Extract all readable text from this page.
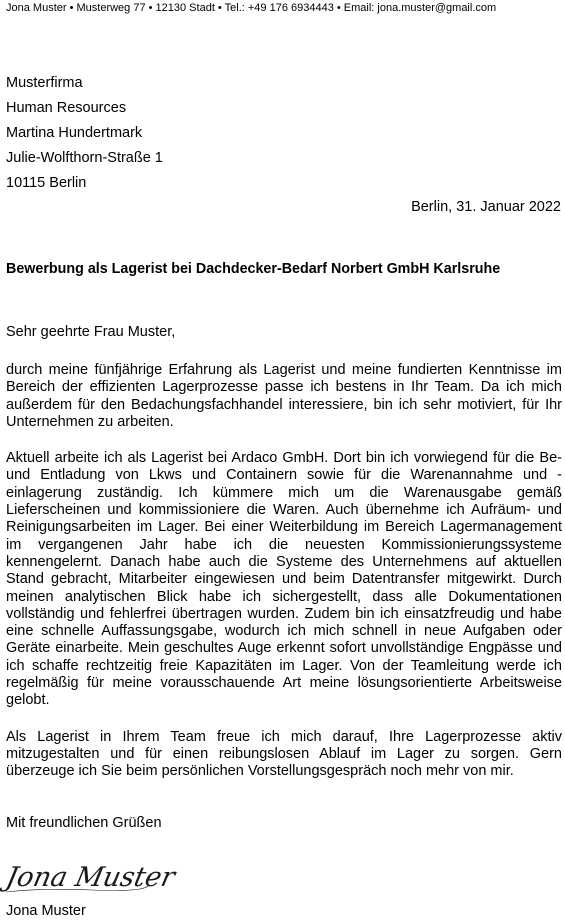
Jona Muster • Musterweg 77 • 12130 Stadt • Tel.: +49 176 6934443 • Email: jona.muster@gmail.com
Musterfirma
Human Resources
Martina Hundertmark
Julie-Wolfthorn-Straße 1
10115 Berlin
Berlin, 31. Januar 2022
Bewerbung als Lagerist bei Dachdecker-Bedarf Norbert GmbH Karlsruhe
Sehr geehrte Frau Muster,

durch meine fünfjährige Erfahrung als Lagerist und meine fundierten Kenntnisse im Bereich der effizienten Lagerprozesse passe ich bestens in Ihr Team. Da ich mich außerdem für den Bedachungsfachhandel interessiere, bin ich sehr motiviert, für Ihr Unternehmen zu arbeiten.

Aktuell arbeite ich als Lagerist bei Ardaco GmbH. Dort bin ich vorwiegend für die Be- und Entladung von Lkws und Containern sowie für die Warenannahme und -einlagerung zuständig. Ich kümmere mich um die Warenausgabe gemäß Lieferscheinen und kommissioniere die Waren. Auch übernehme ich Aufräum- und Reinigungsarbeiten im Lager. Bei einer Weiterbildung im Bereich Lagermanagement im vergangenen Jahr habe ich die neuesten Kommissionierungssysteme kennengelernt. Danach habe auch die Systeme des Unternehmens auf aktuellen Stand gebracht, Mitarbeiter eingewiesen und beim Datentransfer mitgewirkt. Durch meinen analytischen Blick habe ich sichergestellt, dass alle Dokumentationen vollständig und fehlerfrei übertragen wurden. Zudem bin ich einsatzfreudig und habe eine schnelle Auffassungsgabe, wodurch ich mich schnell in neue Aufgaben oder Geräte einarbeite. Mein geschultes Auge erkennt sofort unvollständige Engpässe und ich schaffe rechtzeitig freie Kapazitäten im Lager. Von der Teamleitung werde ich regelmäßig für meine vorausschauende Art meine lösungsorientierte Arbeitsweise gelobt.

Als Lagerist in Ihrem Team freue ich mich darauf, Ihre Lagerprozesse aktiv mitzugestalten und für einen reibungslosen Ablauf im Lager zu sorgen. Gern überzeuge ich Sie beim persönlichen Vorstellungsgespräch noch mehr von mir.

Mit freundlichen Grüßen
Jona Muster
Jona Muster
